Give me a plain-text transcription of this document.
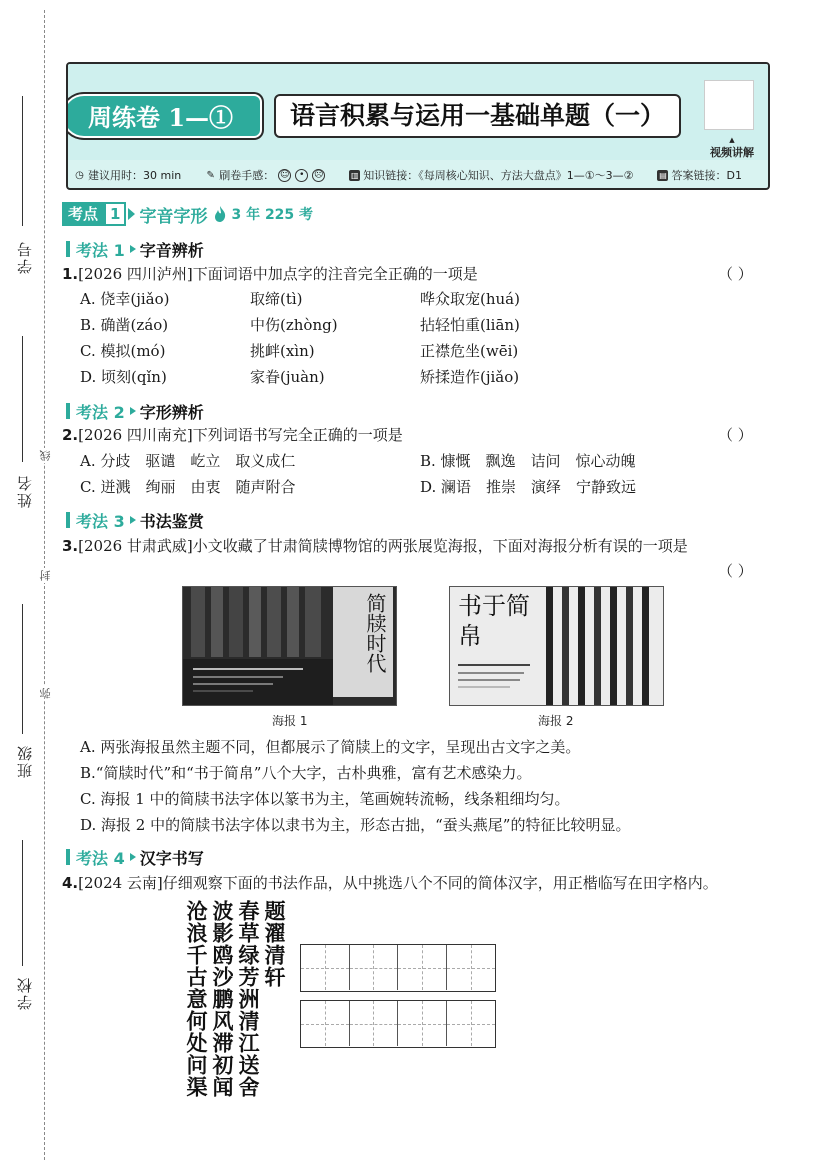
学号
姓名
班级
学校
线
封
弥
周练卷 1—①	语言积累与运用一基础单题（一）
▲
视频讲解
◷ 建议用时：30 min	✎ 刷卷手感： ☺	•	☹	▥ 知识链接：《每周核心知识、方法大盘点》1—①～3—②	▤ 答案链接：D1
考点 1	字音字形 3 年 225 考
考法 1 字音辨析
1.[2026 四川泸州]下面词语中加点字的注音完全正确的一项是	（ ）
A. 侥幸(jiǎo)	取缔(tì)	哗众取宠(huá)
B. 确凿(záo)	中伤(zhòng)	拈轻怕重(liān)
C. 模拟(mó)	挑衅(xìn)	正襟危坐(wēi)
D. 顷刻(qǐn)	家眷(juàn)	矫揉造作(jiǎo)
考法 2 字形辨析
2.[2026 四川南充]下列词语书写完全正确的一项是	（ ）
A. 分歧　驱谴　屹立　取义成仁	B. 慷慨　飘逸　诘问　惊心动魄
C. 迸溅　绚丽　由衷　随声附合	D. 澜语　推崇　演绎　宁静致远
考法 3 书法鉴赏
3.[2026 甘肃武威]小文收藏了甘肃简牍博物馆的两张展览海报，下面对海报分析有误的一项是
（ ）
简牍时代
海报 1
书于简帛
海报 2
A. 两张海报虽然主题不同，但都展示了简牍上的文字，呈现出古文字之美。
B.“简牍时代”和“书于简帛”八个大字，古朴典雅，富有艺术感染力。
C. 海报 1 中的简牍书法字体以篆书为主，笔画婉转流畅，线条粗细均匀。
D. 海报 2 中的简牍书法字体以隶书为主，形态古拙，“蚕头燕尾”的特征比较明显。
考法 4 汉字书写
4.[2024 云南]仔细观察下面的书法作品，从中挑选八个不同的简体汉字，用正楷临写在田字格内。
题濯清轩
春草绿芳洲清江送舍
波影鸥沙鹏风滞初闻
沧浪千古意何处问渠
